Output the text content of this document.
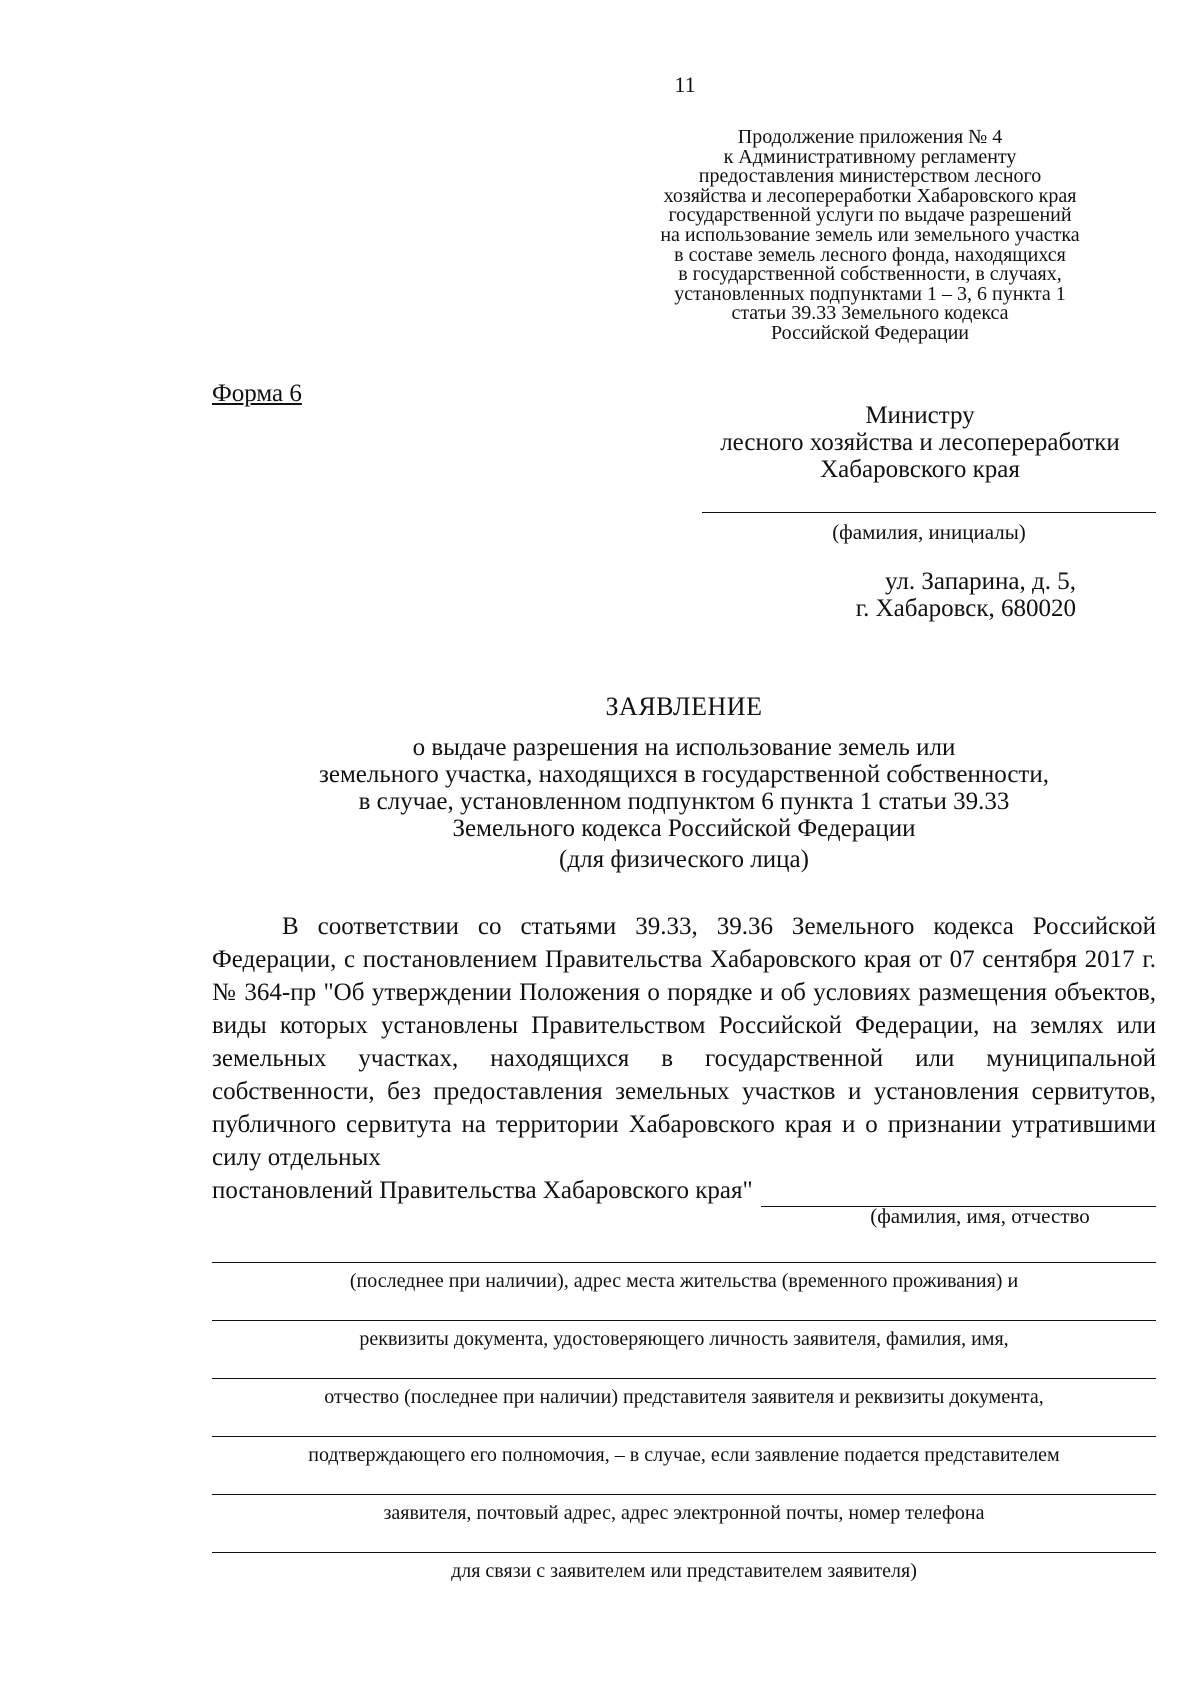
11
Продолжение приложения № 4
к Административному регламенту
предоставления министерством лесного
хозяйства и лесопереработки Хабаровского края
государственной услуги по выдаче разрешений
на использование земель или земельного участка
в составе земель лесного фонда, находящихся
в государственной собственности, в случаях,
установленных подпунктами 1 – 3, 6 пункта 1
статьи 39.33 Земельного кодекса
Российской Федерации
Форма 6
Министру
лесного хозяйства и лесопереработки
Хабаровского края
(фамилия, инициалы)
ул. Запарина, д. 5,
г. Хабаровск, 680020
ЗАЯВЛЕНИЕ
о выдаче разрешения на использование земель или
земельного участка, находящихся в государственной собственности,
в случае, установленном подпунктом 6 пункта 1 статьи 39.33
Земельного кодекса Российской Федерации
(для физического лица)

В соответствии со статьями 39.33, 39.36 Земельного кодекса Российской Федерации, с постановлением Правительства Хабаровского края от 07 сентября 2017 г. № 364-пр "Об утверждении Положения о порядке и об условиях размещения объектов, виды которых установлены Правительством Российской Федерации, на землях или земельных участках, находящихся в государственной или муниципальной собственности, без предоставления земельных участков и установления сервитутов, публичного сервитута на территории Хабаровского края и о признании утратившими силу отдельных

постановлений Правительства Хабаровского края"
(фамилия, имя, отчество
(последнее при наличии), адрес места жительства (временного проживания) и
реквизиты документа, удостоверяющего личность заявителя, фамилия, имя,
отчество (последнее при наличии) представителя заявителя и реквизиты документа,
подтверждающего его полномочия, – в случае, если заявление подается представителем
заявителя, почтовый адрес, адрес электронной почты, номер телефона
для связи с заявителем или представителем заявителя)
